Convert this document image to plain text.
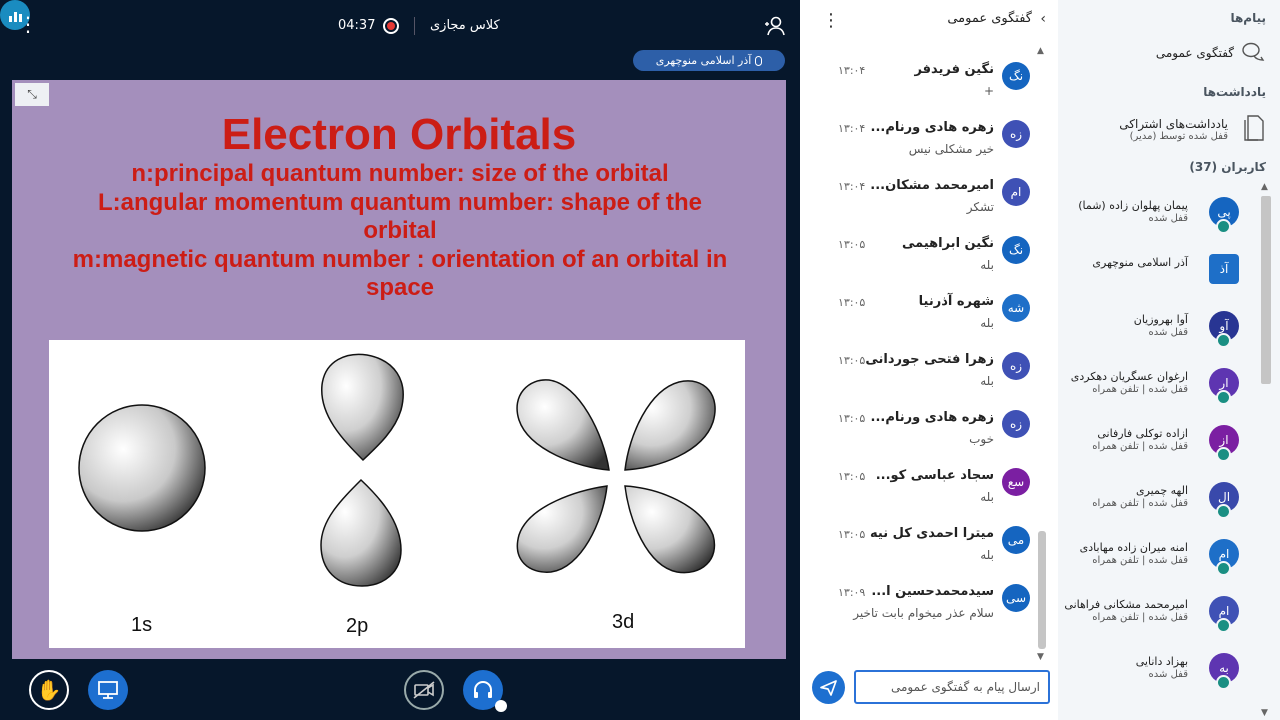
⋮	04:37	کلاس مجازی
آذر اسلامی منوچهری
⤡
Electron Orbitals
n:principal quantum number: size of the orbital
L:angular momentum quantum number: shape of the orbital
m:magnetic quantum number : orientation of an orbital in space
1s	2p	3d
✋
⋮	گفتگوی عمومی ‹
نگ
نگین فریدفر
۱۳:۰۴
+
زه
زهره هادی ورنام...
۱۳:۰۴
خیر مشکلی نیس
ام
امیرمحمد مشکان...
۱۳:۰۴
تشکر
نگ
نگین ابراهیمی
۱۳:۰۵
بله
شه
شهره آذرنیا
۱۳:۰۵
بله
زه
زهرا فتحی جوردانی
۱۳:۰۵
بله
زه
زهره هادی ورنام...
۱۳:۰۵
خوب
سع
سجاد عباسی کو...
۱۳:۰۵
بله
می
میترا احمدی کل نیه
۱۳:۰۵
بله
سی
سیدمحمدحسین ا...
۱۳:۰۹
سلام عذر میخوام بابت تاخیر
▲
▼
ارسال پیام به گفتگوی عمومی
پیام‌ها
گفتگوی عمومی
یادداشت‌ها
یادداشت‌های اشتراکی
قفل شده توسط (مدیر)
کاربران (37)
پی
پیمان پهلوان زاده (شما)
قفل شده
آذ
آذر اسلامی منوچهری
آو
آوا بهروزیان
قفل شده
ار
ارغوان عسگریان دهکردی
قفل شده | تلفن همراه
از
ازاده توکلی فارفانی
قفل شده | تلفن همراه
ال
الهه چمیری
قفل شده | تلفن همراه
ام
امنه میران زاده مهابادی
قفل شده | تلفن همراه
ام
امیرمحمد مشکانی فراهانی
قفل شده | تلفن همراه
به
بهزاد دانایی
قفل شده
▲
▼
